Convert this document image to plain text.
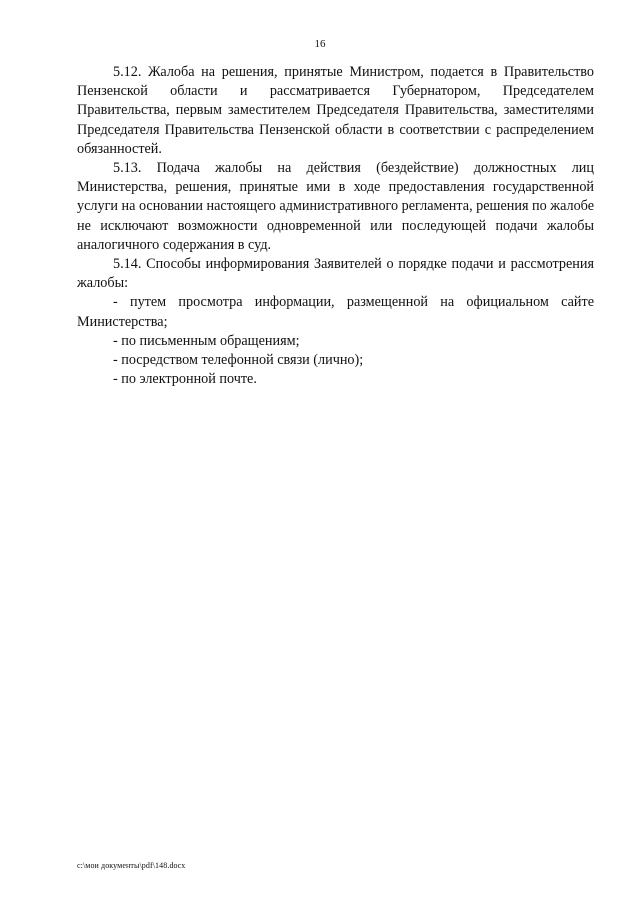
16

5.12. Жалоба на решения, принятые Министром, подается в Правительство Пензенской области и рассматривается Губернатором, Председателем Правительства, первым заместителем Председателя Правительства, заместителями Председателя Правительства Пензенской области в соответствии с распределением обязанностей.

5.13. Подача жалобы на действия (бездействие) должностных лиц Министерства, решения, принятые ими в ходе предоставления государственной услуги на основании настоящего административного регламента, решения по жалобе не исключают возможности одновременной или последующей подачи жалобы аналогичного содержания в суд.

5.14. Способы информирования Заявителей о порядке подачи и рассмотрения жалобы:

- путем просмотра информации, размещенной на официальном сайте Министерства;

- по письменным обращениям;

- посредством телефонной связи (лично);

- по электронной почте.

c:\мои документы\pdf\148.docx
